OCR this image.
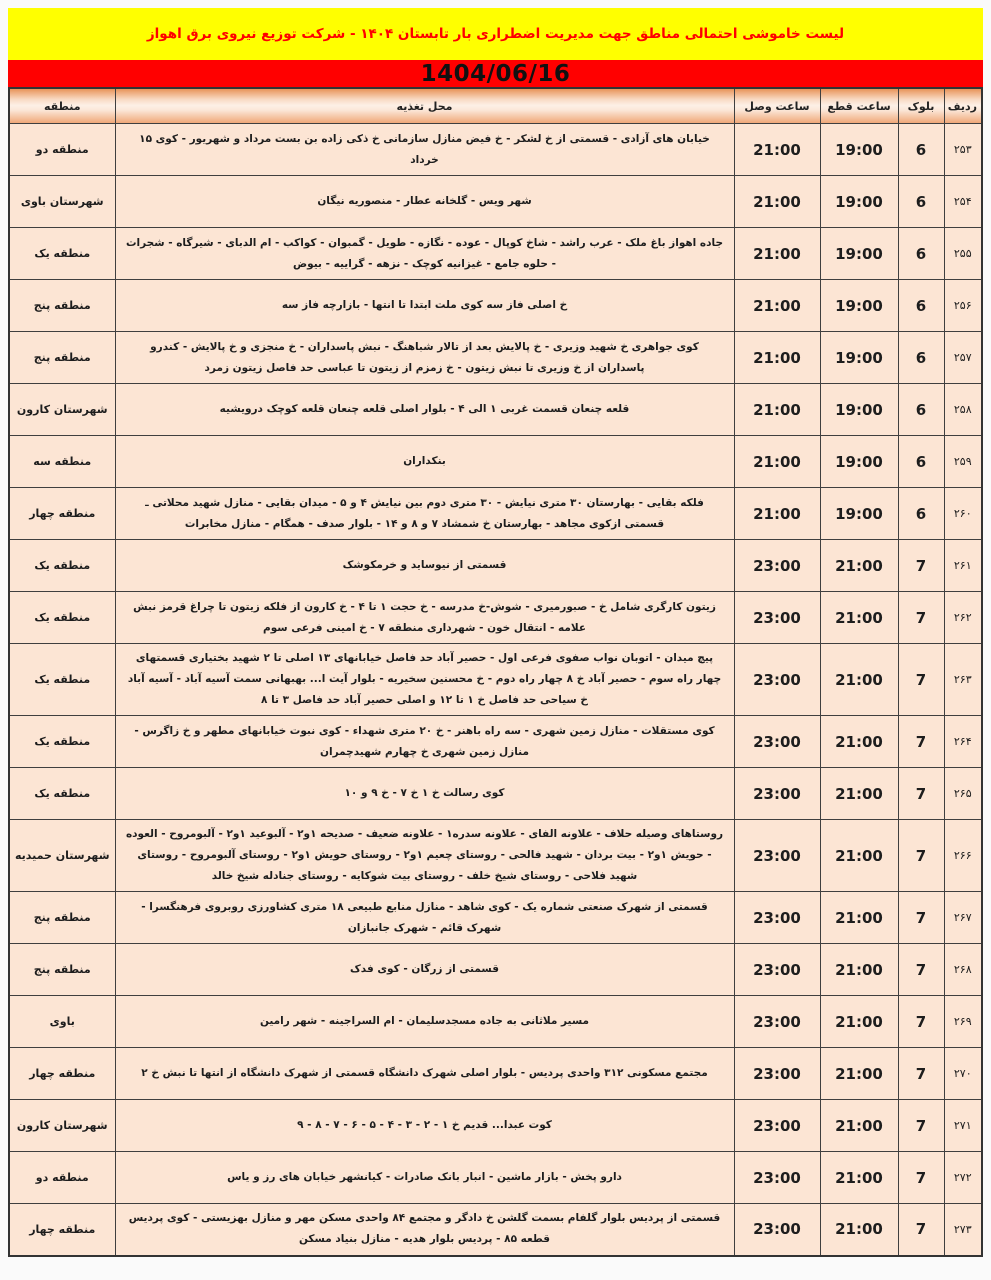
لیست خاموشی احتمالی مناطق جهت مدیریت اضطراری بار تابستان ۱۴۰۴ - شرکت توزیع نیروی برق اهواز
1404/06/16
ردیف	بلوک	ساعت قطع	ساعت وصل	محل تغذیه	منطقه
۲۵۳	6	19:00	21:00	خیابان های آزادی - قسمتی از خ لشکر - خ فیض منازل سازمانی خ ذکی زاده بن بست مرداد و شهریور - کوی ۱۵ خرداد	منطقه دو
۲۵۴	6	19:00	21:00	شهر ویس - گلخانه عطار - منصوریه نیگان	شهرستان باوی
۲۵۵	6	19:00	21:00	جاده اهواز باغ ملک - عرب راشد - شاخ کوپال - عوده - نگازه - طویل - گمبوان - کواکب - ام الدبای - شیرگاه - شجرات - حلوه جامع - غیزانیه کوچک - نزهه - گراییه - بیوض	منطقه یک
۲۵۶	6	19:00	21:00	خ اصلی فاز سه کوی ملت ابتدا تا انتها - بازارچه فاز سه	منطقه پنج
۲۵۷	6	19:00	21:00	کوی جواهری خ شهید وزیری - خ پالایش بعد از تالار شباهنگ - نبش پاسداران - خ منجزی و خ پالایش - کندرو پاسداران از خ وزیری تا نبش زیتون - خ زمزم از زیتون تا عباسی حد فاصل زیتون زمرد	منطقه پنج
۲۵۸	6	19:00	21:00	قلعه چنعان قسمت غربی ۱ الی ۴ - بلوار اصلی قلعه چنعان قلعه کوچک درویشیه	شهرستان کارون
۲۵۹	6	19:00	21:00	بنکداران	منطقه سه
۲۶۰	6	19:00	21:00	فلکه بقایی - بهارستان ۳۰ متری نیایش - ۳۰ متری دوم بین نیایش ۴ و ۵ - میدان بقایی - منازل شهید محلاتی ـ قسمتی ازکوی مجاهد - بهارستان خ شمشاد ۷ و ۸ و ۱۴ - بلوار صدف - همگام - منازل مخابرات	منطقه چهار
۲۶۱	7	21:00	23:00	قسمتی از نیوساید و خرمکوشک	منطقه یک
۲۶۲	7	21:00	23:00	زیتون کارگری شامل خ - صبورمیری - شوش-خ مدرسه - خ حجت ۱ تا ۴ - خ کارون از فلکه زیتون تا چراغ قرمز نبش علامه - انتقال خون - شهرداری منطقه ۷ - خ امینی فرعی سوم	منطقه یک
۲۶۳	7	21:00	23:00	پیچ میدان - اتوبان نواب صفوی فرعی اول - حصیر آباد حد فاصل خیابانهای ۱۳ اصلی تا ۲ شهید بختیاری قسمتهای چهار راه سوم - حصیر آباد خ ۸ چهار راه دوم - خ محسنین سخیریه - بلوار آیت ا... بهبهانی سمت آسیه آباد - آسیه آباد خ سیاحی حد فاصل خ ۱ تا ۱۲ و اصلی حصیر آباد حد فاصل ۳ تا ۸	منطقه یک
۲۶۴	7	21:00	23:00	کوی مستقلات - منازل زمین شهری - سه راه باهنر - خ ۲۰ متری شهداء - کوی نبوت خیابانهای مطهر و خ زاگرس - منازل زمین شهری خ چهارم شهیدچمران	منطقه یک
۲۶۵	7	21:00	23:00	کوی رسالت خ ۱ خ ۷ - خ ۹ و ۱۰	منطقه یک
۲۶۶	7	21:00	23:00	روستاهای وصیله حلاف - علاونه الفای - علاونه سدره۱ - علاونه ضعیف - صدیحه ۱و۲ - آلبوعید ۱و۲ - آلبومروح - العوده - حویش ۱و۲ - بیت بردان - شهید فالحی - روستای چعیم ۱و۲ - روستای حویش ۱و۲ - روستای آلبومروح - روستای شهید فلاحی - روستای شیخ خلف - روستای بیت شوکایه - روستای جنادله شیخ خالد	شهرستان حمیدیه
۲۶۷	7	21:00	23:00	قسمتی از شهرک صنعتی شماره یک - کوی شاهد - منازل منابع طبیعی ۱۸ متری کشاورزی روبروی فرهنگسرا - شهرک قائم - شهرک جانبازان	منطقه پنج
۲۶۸	7	21:00	23:00	قسمتی از زرگان - کوی فدک	منطقه پنج
۲۶۹	7	21:00	23:00	مسیر ملاثانی به جاده مسجدسلیمان - ام السراجینه - شهر رامین	باوی
۲۷۰	7	21:00	23:00	مجتمع مسکونی ۳۱۲ واحدی پردیس - بلوار اصلی شهرک دانشگاه قسمتی از شهرک دانشگاه از انتها تا نبش خ ۲	منطقه چهار
۲۷۱	7	21:00	23:00	کوت عبدا... قدیم خ ۱ - ۲ - ۳ - ۴ - ۵ - ۶ - ۷ - ۸ - ۹	شهرستان کارون
۲۷۲	7	21:00	23:00	دارو پخش - بازار ماشین - انبار بانک صادرات - کیانشهر خیابان های رز و یاس	منطقه دو
۲۷۳	7	21:00	23:00	قسمتی از پردیس بلوار گلفام بسمت گلشن خ دادگر و مجتمع ۸۴ واحدی مسکن مهر و منازل بهزیستی - کوی پردیس قطعه ۸۵ - پردیس بلوار هدیه - منازل بنیاد مسکن	منطقه چهار
